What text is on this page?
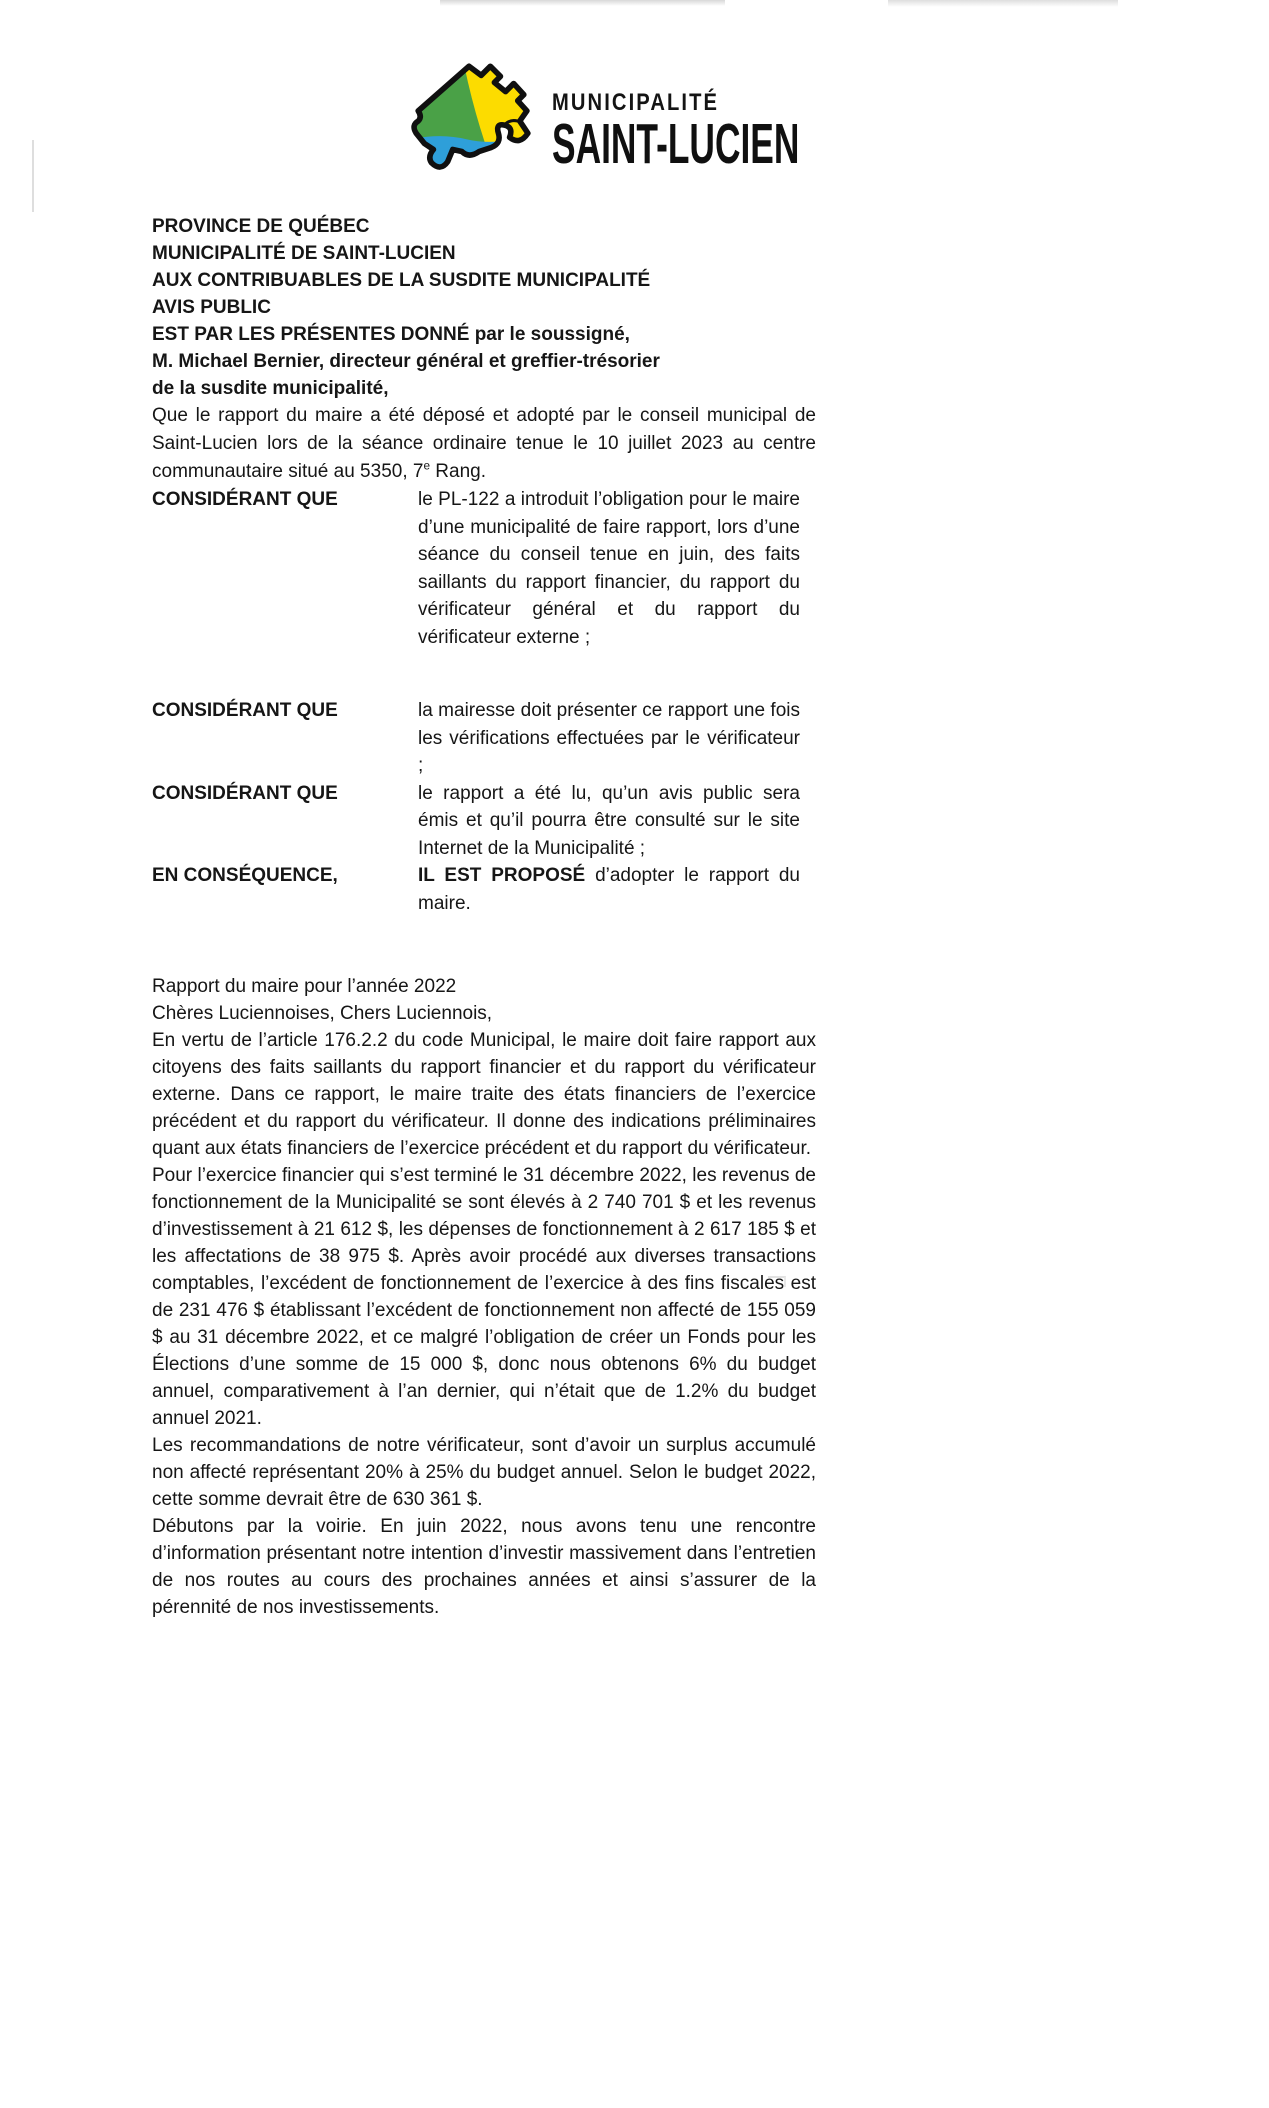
MUNICIPALITÉ
SAINT-LUCIEN
PROVINCE DE QUÉBEC
MUNICIPALITÉ DE SAINT-LUCIEN

AUX CONTRIBUABLES DE LA SUSDITE MUNICIPALITÉ

AVIS PUBLIC

EST PAR LES PRÉSENTES DONNÉ par le soussigné,
M. Michael Bernier, directeur général et greffier-trésorier
de la susdite municipalité,

Que le rapport du maire a été déposé et adopté par le conseil municipal de Saint-Lucien lors de la séance ordinaire tenue le 10 juillet 2023 au centre communautaire situé au 5350, 7e Rang.

CONSIDÉRANT QUE	le PL-122 a introduit l’obligation pour le maire d’une municipalité de faire rapport, lors d’une séance du conseil tenue en juin, des faits saillants du rapport financier, du rapport du vérificateur général et du rapport du vérificateur externe ;
CONSIDÉRANT QUE	la mairesse doit présenter ce rapport une fois les vérifications effectuées par le vérificateur ;
CONSIDÉRANT QUE	le rapport a été lu, qu’un avis public sera émis et qu’il pourra être consulté sur le site Internet de la Municipalité ;
EN CONSÉQUENCE,	IL EST PROPOSÉ d’adopter le rapport du maire.

Rapport du maire pour l’année 2022

Chères Luciennoises, Chers Luciennois,

En vertu de l’article 176.2.2 du code Municipal, le maire doit faire rapport aux citoyens des faits saillants du rapport financier et du rapport du vérificateur externe. Dans ce rapport, le maire traite des états financiers de l’exercice précédent et du rapport du vérificateur. Il donne des indications préliminaires quant aux états financiers de l’exercice précédent et du rapport du vérificateur.

Pour l’exercice financier qui s’est terminé le 31 décembre 2022, les revenus de fonctionnement de la Municipalité se sont élevés à 2 740 701 $ et les revenus d’investissement à 21 612 $, les dépenses de fonctionnement à 2 617 185 $ et les affectations de 38 975 $. Après avoir procédé aux diverses transactions comptables, l’excédent de fonctionnement de l’exercice à des fins fiscales est de 231 476 $ établissant l’excédent de fonctionnement non affecté de 155 059 $ au 31 décembre 2022, et ce malgré l’obligation de créer un Fonds pour les Élections d’une somme de 15 000 $, donc nous obtenons 6% du budget annuel, comparativement à l’an dernier, qui n’était que de 1.2% du budget annuel 2021.

Les recommandations de notre vérificateur, sont d’avoir un surplus accumulé non affecté représentant 20% à 25% du budget annuel. Selon le budget 2022, cette somme devrait être de 630 361 $.

Débutons par la voirie. En juin 2022, nous avons tenu une rencontre d’information présentant notre intention d’investir massivement dans l’entretien de nos routes au cours des prochaines années et ainsi s’assurer de la pérennité de nos investissements.
